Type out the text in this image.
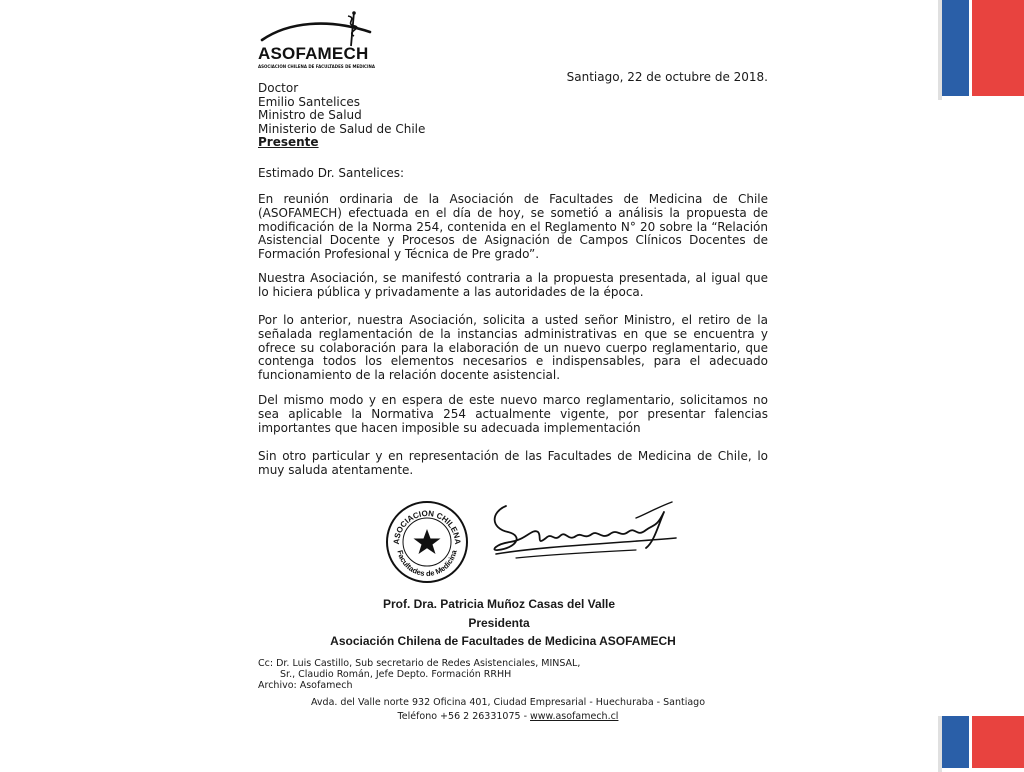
ASOFAMECH
ASOCIACION CHILENA DE FACULTADES DE MEDICINA
Santiago, 22 de octubre de 2018.
Doctor
Emilio Santelices
Ministro de Salud
Ministerio de Salud de Chile
Presente
Estimado Dr. Santelices:
En reunión ordinaria de la Asociación de Facultades de Medicina de Chile (ASOFAMECH) efectuada en el día de hoy, se sometió a análisis la propuesta de modificación de la Norma 254, contenida en el Reglamento N° 20 sobre la “Relación Asistencial Docente y Procesos de Asignación de Campos Clínicos Docentes de Formación Profesional y Técnica de Pre grado”.
Nuestra Asociación, se manifestó contraria a la propuesta presentada, al igual que lo hiciera pública y privadamente a las autoridades de la época.
Por lo anterior, nuestra Asociación, solicita a usted señor Ministro, el retiro de la señalada reglamentación de la instancias administrativas en que se encuentra y ofrece su colaboración para la elaboración de un nuevo cuerpo reglamentario, que contenga todos los elementos necesarios e indispensables, para el adecuado funcionamiento de la relación docente asistencial.
Del mismo modo y en espera de este nuevo marco reglamentario, solicitamos no sea aplicable la Normativa 254 actualmente vigente, por presentar falencias importantes que hacen imposible su adecuada implementación
Sin otro particular y en representación de las Facultades de Medicina de Chile, lo muy saluda atentamente.
ASOCIACION CHILENA
Facultades de Medicina
Prof. Dra. Patricia Muñoz Casas del Valle
Presidenta
Asociación Chilena de Facultades de Medicina ASOFAMECH
Cc: Dr. Luis Castillo, Sub secretario de Redes Asistenciales, MINSAL,
Sr., Claudio Román, Jefe Depto. Formación RRHH
Archivo: Asofamech
Avda. del Valle norte 932 Oficina 401, Ciudad Empresarial - Huechuraba - Santiago
Teléfono +56 2 26331075 - www.asofamech.cl
